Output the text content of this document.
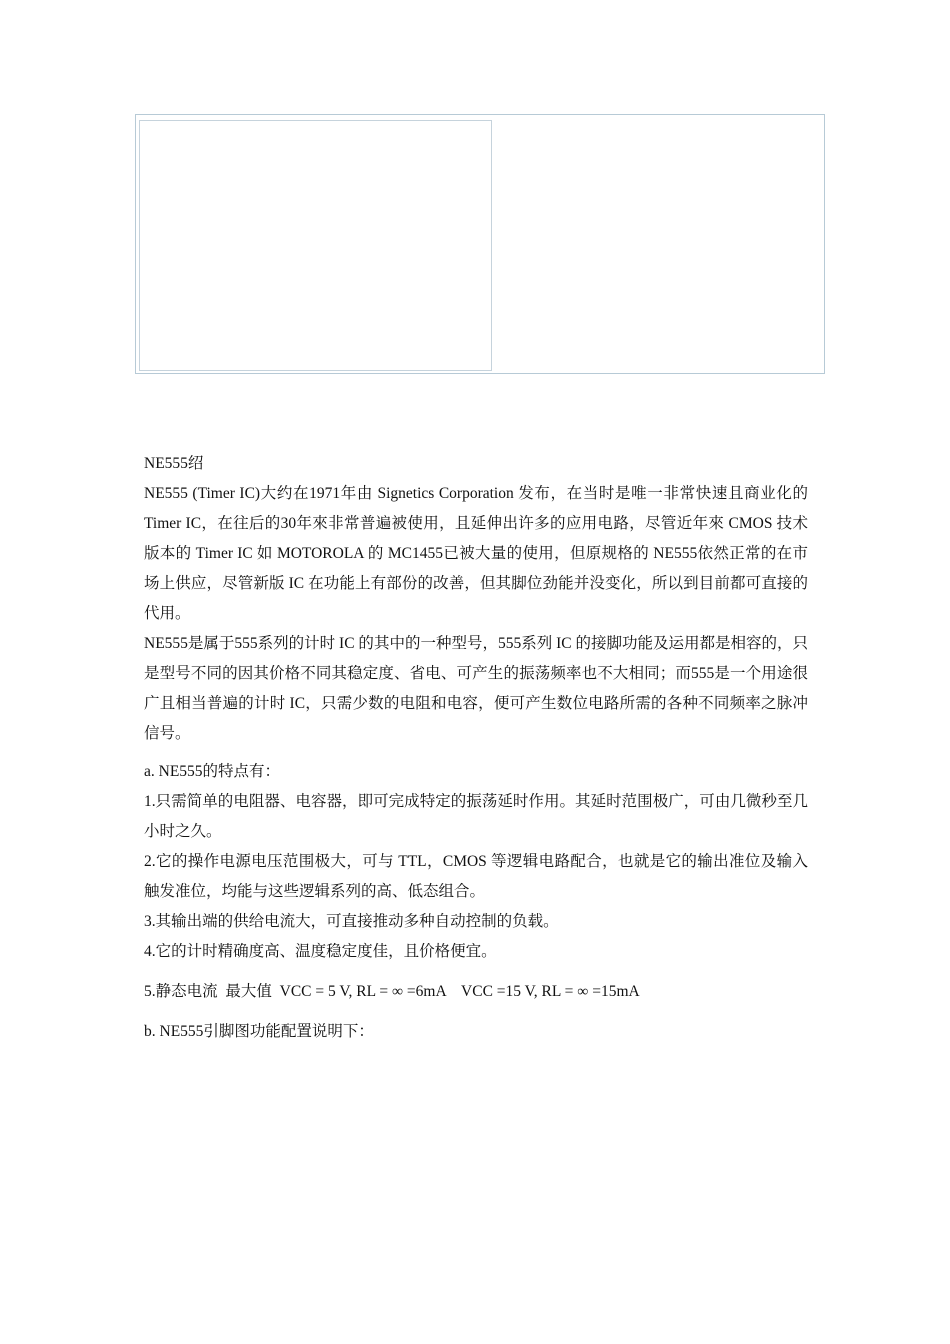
NE555绍

NE555 (Timer IC)大约在1971年由 Signetics Corporation 发布，在当时是唯一非常快速且商业化的 Timer IC，在往后的30年來非常普遍被使用，且延伸出许多的应用电路，尽管近年來 CMOS 技术版本的 Timer IC 如 MOTOROLA 的 MC1455已被大量的使用，但原规格的 NE555依然正常的在市场上供应，尽管新版 IC 在功能上有部份的改善，但其脚位劲能并没变化，所以到目前都可直接的代用。

NE555是属于555系列的计时 IC 的其中的一种型号，555系列 IC 的接脚功能及运用都是相容的，只是型号不同的因其价格不同其稳定度、省电、可产生的振荡频率也不大相同；而555是一个用途很广且相当普遍的计时 IC，只需少数的电阻和电容，便可产生数位电路所需的各种不同频率之脉冲信号。

a. NE555的特点有：

1.只需简单的电阻器、电容器，即可完成特定的振荡延时作用。其延时范围极广，可由几微秒至几小时之久。

2.它的操作电源电压范围极大，可与 TTL，CMOS 等逻辑电路配合，也就是它的输出准位及输入触发准位，均能与这些逻辑系列的高、低态组合。

3.其输出端的供给电流大，可直接推动多种自动控制的负载。

4.它的计时精确度高、温度稳定度佳，且价格便宜。

5.静态电流  最大值  VCC = 5 V, RL = ∞ =6mA    VCC =15 V, RL = ∞ =15mA

b. NE555引脚图功能配置说明下：
